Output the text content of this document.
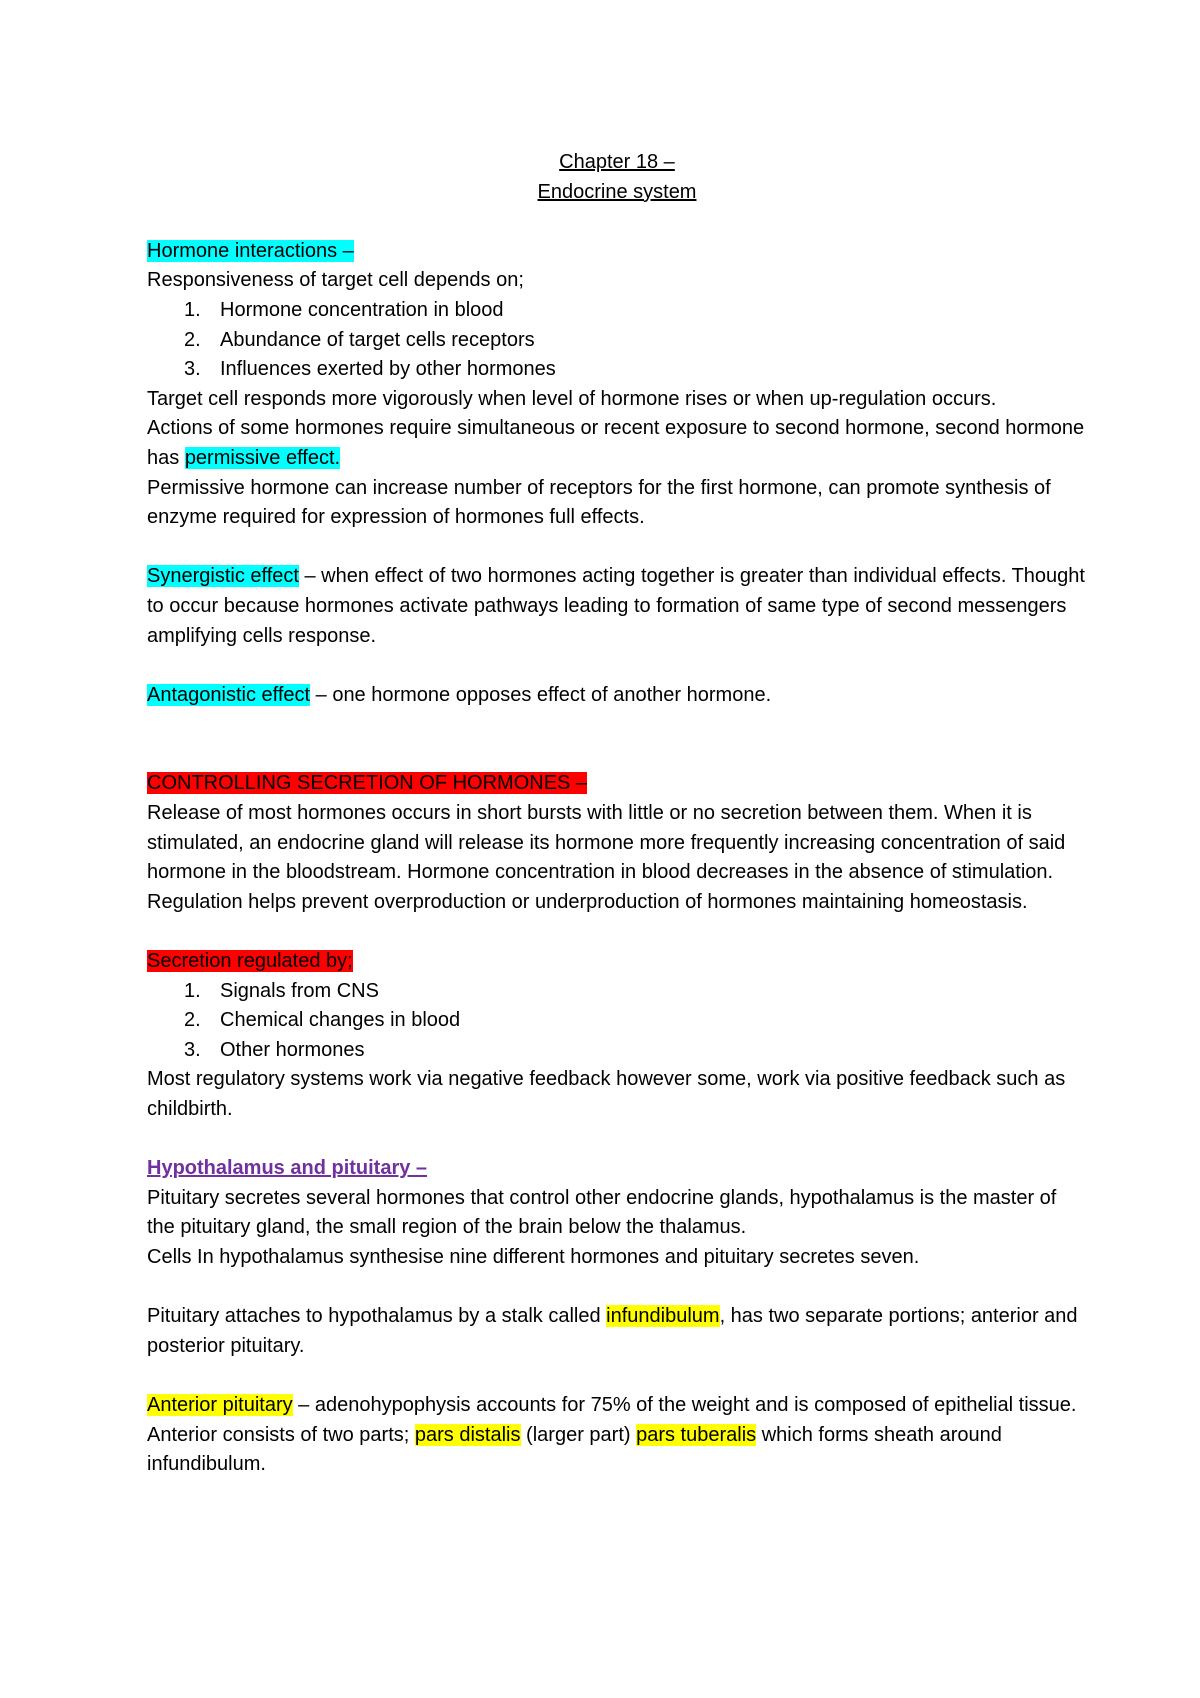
Chapter 18 –

Endocrine system

Hormone interactions –

Responsiveness of target cell depends on;

1. Hormone concentration in blood
2. Abundance of target cells receptors
3. Influences exerted by other hormones

Target cell responds more vigorously when level of hormone rises or when up-regulation occurs.

Actions of some hormones require simultaneous or recent exposure to second hormone, second hormone has permissive effect.

Permissive hormone can increase number of receptors for the first hormone, can promote synthesis of enzyme required for expression of hormones full effects.

Synergistic effect – when effect of two hormones acting together is greater than individual effects. Thought to occur because hormones activate pathways leading to formation of same type of second messengers amplifying cells response.

Antagonistic effect – one hormone opposes effect of another hormone.

CONTROLLING SECRETION OF HORMONES –

Release of most hormones occurs in short bursts with little or no secretion between them. When it is stimulated, an endocrine gland will release its hormone more frequently increasing concentration of said hormone in the bloodstream. Hormone concentration in blood decreases in the absence of stimulation. Regulation helps prevent overproduction or underproduction of hormones maintaining homeostasis.

Secretion regulated by;

1. Signals from CNS
2. Chemical changes in blood
3. Other hormones

Most regulatory systems work via negative feedback however some, work via positive feedback such as childbirth.

Hypothalamus and pituitary –

Pituitary secretes several hormones that control other endocrine glands, hypothalamus is the master of the pituitary gland, the small region of the brain below the thalamus.

Cells In hypothalamus synthesise nine different hormones and pituitary secretes seven.

Pituitary attaches to hypothalamus by a stalk called infundibulum, has two separate portions; anterior and posterior pituitary.

Anterior pituitary – adenohypophysis accounts for 75% of the weight and is composed of epithelial tissue. Anterior consists of two parts; pars distalis (larger part) pars tuberalis which forms sheath around infundibulum.
